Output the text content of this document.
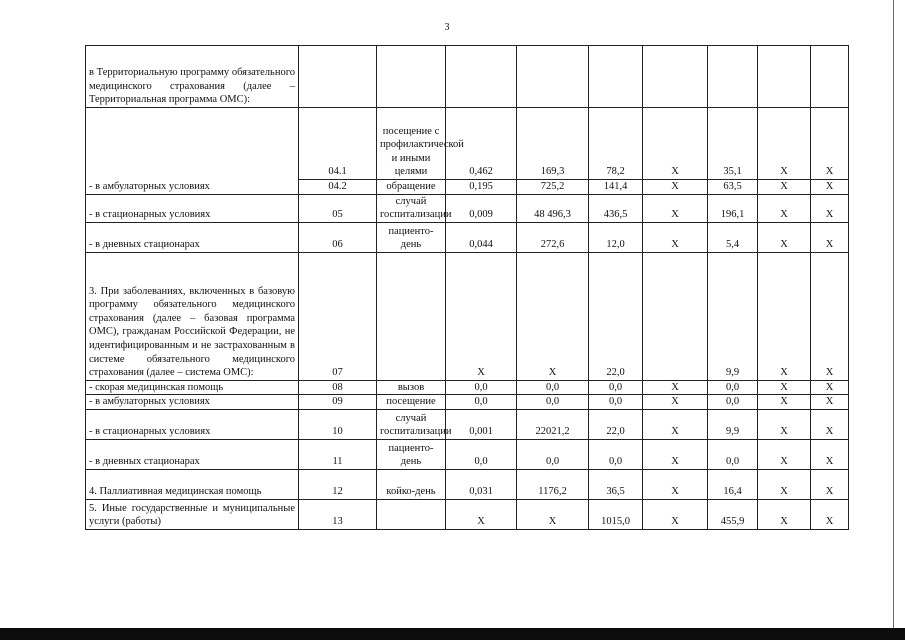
3
в Территориальную программу обязательного медицинского страхования (далее – Территориальная программа ОМС):									
- в амбулаторных условиях	04.1	посещение с профилактической и иными целями	0,462	169,3	78,2	X	35,1	X	X
	04.2	обращение	0,195	725,2	141,4	X	63,5	X	X
- в стационарных условиях	05	случай госпитализации	0,009	48 496,3	436,5	X	196,1	X	X
- в дневных стационарах	06	пациенто-день	0,044	272,6	12,0	X	5,4	X	X
3. При заболеваниях, включенных в базовую программу обязательного медицинского страхования (далее – базовая программа ОМС), гражданам Российской Федерации, не идентифицированным и не застрахованным в системе обязательного медицинского страхования (далее – система ОМС):	07		X	X	22,0		9,9	X	X
- скорая медицинская помощь	08	вызов	0,0	0,0	0,0	X	0,0	X	X
- в амбулаторных условиях	09	посещение	0,0	0,0	0,0	X	0,0	X	X
- в стационарных условиях	10	случай госпитализации	0,001	22021,2	22,0	X	9,9	X	X
- в дневных стационарах	11	пациенто-день	0,0	0,0	0,0	X	0,0	X	X
4. Паллиативная медицинская помощь	12	койко-день	0,031	1176,2	36,5	X	16,4	X	X
5. Иные государственные и муниципальные услуги (работы)	13		X	X	1015,0	X	455,9	X	X
